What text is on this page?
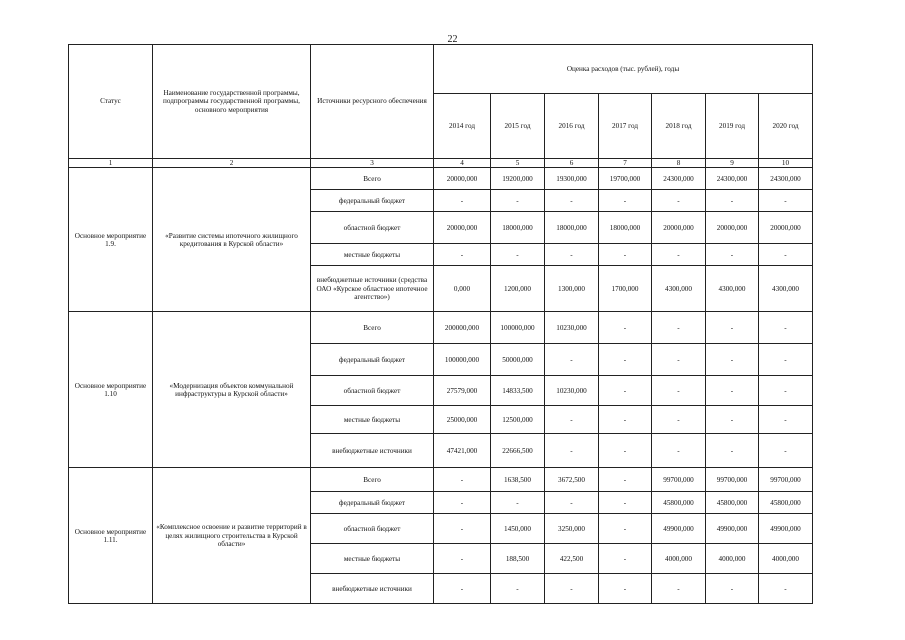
22
Статус	Наименование государственной программы, подпрограммы государственной программы, основного мероприятия	Источники ресурсного обеспечения	Оценка расходов (тыс. рублей), годы						
			2014 год	2015 год	2016 год	2017 год	2018 год	2019 год	2020 год
1	2	3	4	5	6	7	8	9	10
Основное мероприятие 1.9.	«Развитие системы ипотечного жилищного кредитования в Курской области»	Всего	20000,000	19200,000	19300,000	19700,000	24300,000	24300,000	24300,000
		федеральный бюджет	-	-	-	-	-	-	-
		областной бюджет	20000,000	18000,000	18000,000	18000,000	20000,000	20000,000	20000,000
		местные бюджеты	-	-	-	-	-	-	-
		внебюджетные источники (средства ОАО «Курское областное ипотечное агентство»)	0,000	1200,000	1300,000	1700,000	4300,000	4300,000	4300,000
Основное мероприятие 1.10	«Модернизация объектов коммунальной инфраструктуры в Курской области»	Всего	200000,000	100000,000	10230,000	-	-	-	-
		федеральный бюджет	100000,000	50000,000	-	-	-	-	-
		областной бюджет	27579,000	14833,500	10230,000	-	-	-	-
		местные бюджеты	25000,000	12500,000	-	-	-	-	-
		внебюджетные источники	47421,000	22666,500	-	-	-	-	-
Основное мероприятие 1.11.	«Комплексное освоение и развитие территорий в целях жилищного строительства в Курской области»	Всего	-	1638,500	3672,500	-	99700,000	99700,000	99700,000
		федеральный бюджет	-	-	-	-	45800,000	45800,000	45800,000
		областной бюджет	-	1450,000	3250,000	-	49900,000	49900,000	49900,000
		местные бюджеты	-	188,500	422,500	-	4000,000	4000,000	4000,000
		внебюджетные источники	-	-	-	-	-	-	-
